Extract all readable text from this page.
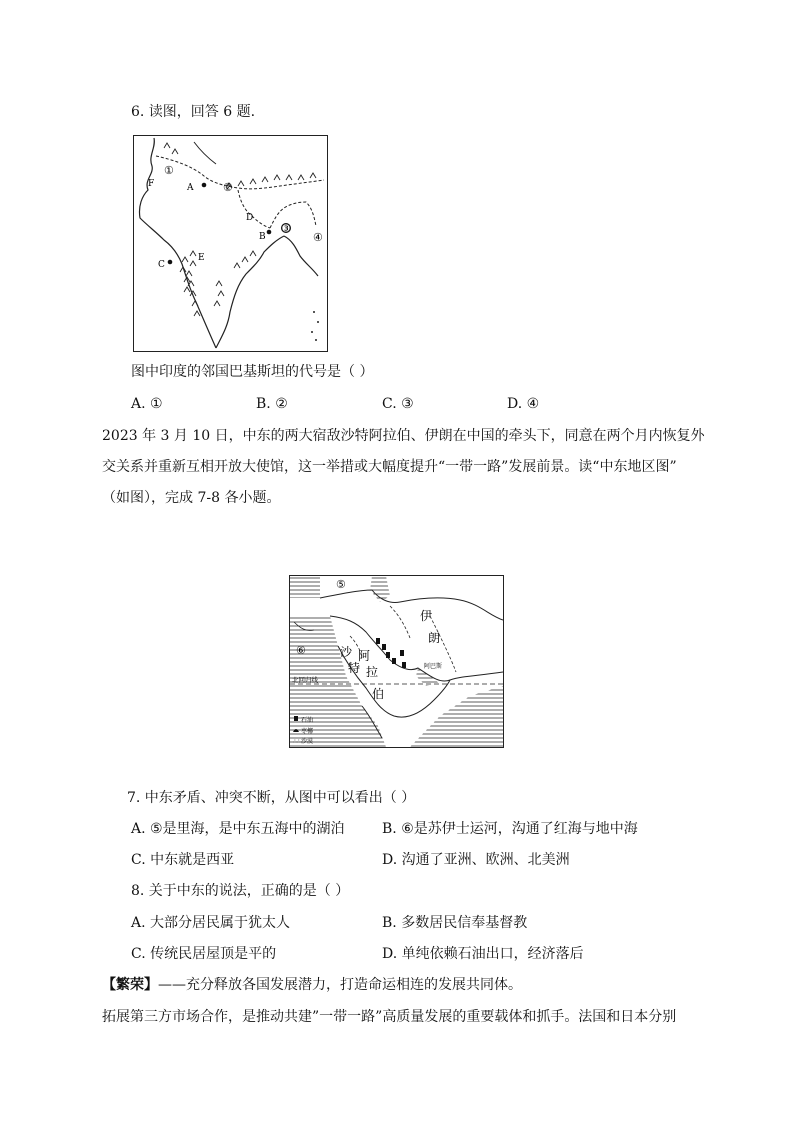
6. 读图，回答 6 题.
①
②
③
④
A
B
C
D
E
F
图中印度的邻国巴基斯坦的代号是（ ）
A. ①	B. ②	C. ③	D. ④
2023 年 3 月 10 日，中东的两大宿敌沙特阿拉伯、伊朗在中国的牵头下，同意在两个月内恢复外
交关系并重新互相开放大使馆，这一举措或大幅度提升“一带一路”发展前景。读“中东地区图”
（如图），完成 7-8 各小题。
⑤
⑥
伊
朗
沙
特
阿
拉
伯
阿巴斯
北回归线
石油
枣椰
∴∴ 沙漠
7. 中东矛盾、冲突不断，从图中可以看出（ ）
A. ⑤是里海，是中东五海中的湖泊	B. ⑥是苏伊士运河，沟通了红海与地中海
C. 中东就是西亚	D. 沟通了亚洲、欧洲、北美洲
8. 关于中东的说法，正确的是（ ）
A. 大部分居民属于犹太人	B. 多数居民信奉基督教
C. 传统民居屋顶是平的	D. 单纯依赖石油出口，经济落后
【繁荣】——充分释放各国发展潜力，打造命运相连的发展共同体。
拓展第三方市场合作，是推动共建”一带一路”高质量发展的重要载体和抓手。法国和日本分别
